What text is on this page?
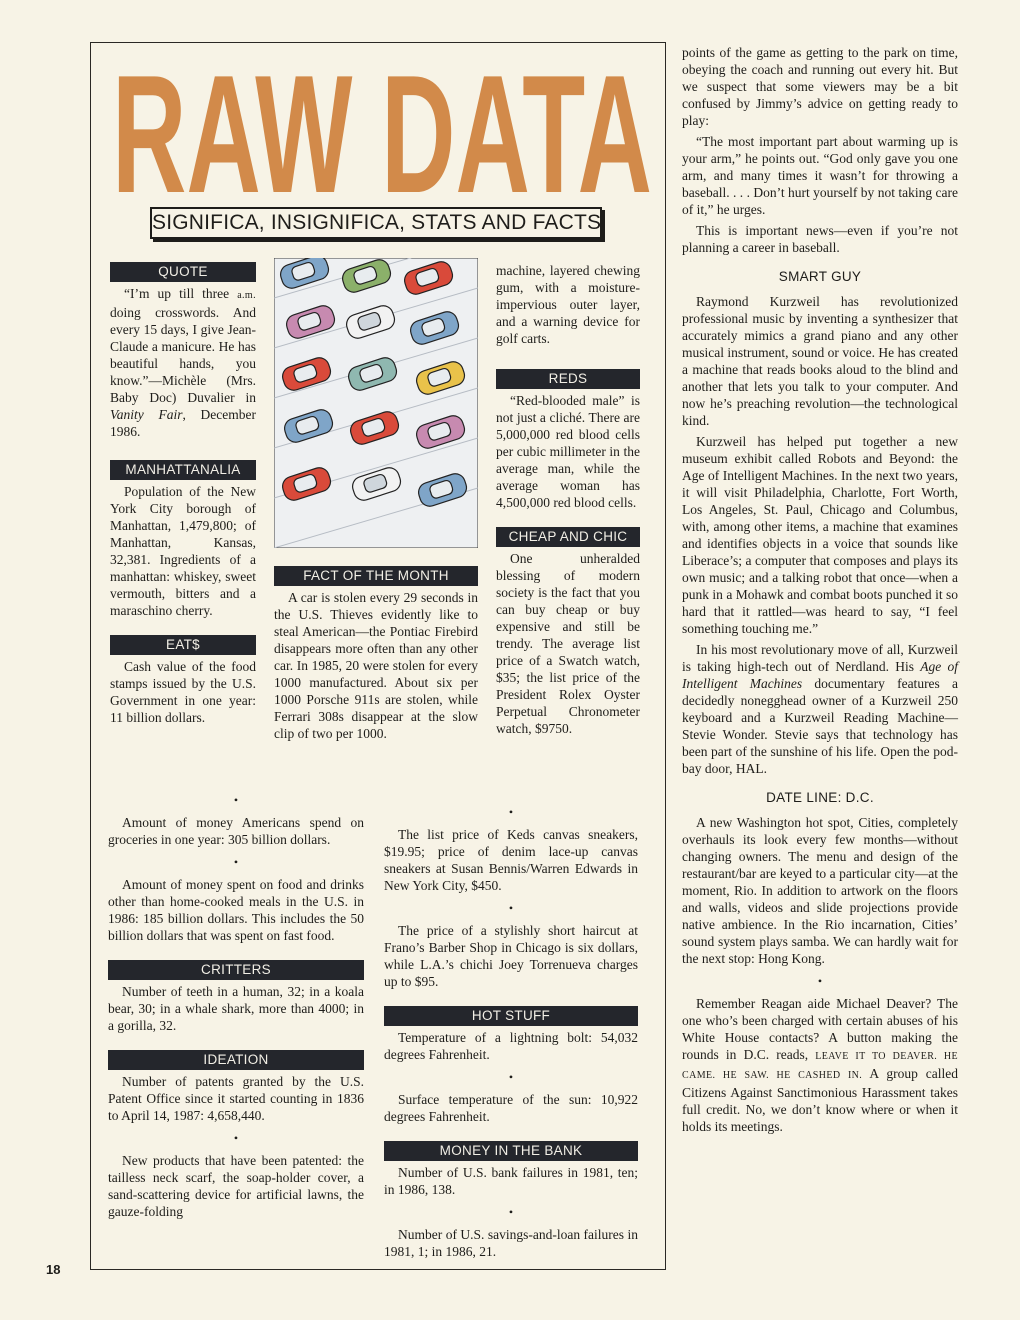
RAW DATA
SIGNIFICA, INSIGNIFICA, STATS AND FACTS
QUOTE

“I’m up till three a.m. doing crosswords. And every 15 days, I give Jean-Claude a manicure. He has beautiful hands, you know.”—Michèle (Mrs. Baby Doc) Duvalier in Vanity Fair, December 1986.

MANHATTANALIA

Population of the New York City borough of Manhattan, 1,479,800; of Manhattan, Kansas, 32,381. Ingredients of a manhattan: whiskey, sweet vermouth, bitters and a maraschino cherry.

EAT$

Cash value of the food stamps issued by the U.S. Government in one year: 11 billion dollars.

FACT OF THE MONTH

A car is stolen every 29 seconds in the U.S. Thieves evidently like to steal American—the Pontiac Firebird disappears more often than any other car. In 1985, 20 were stolen for every 1000 manufactured. About six per 1000 Porsche 911s are stolen, while Ferrari 308s disappear at the slow clip of two per 1000.

machine, layered chewing gum, with a moisture-impervious outer layer, and a warning device for golf carts.

REDS

“Red-blooded male” is not just a cliché. There are 5,000,000 red blood cells per cubic millimeter in the average man, while the average woman has 4,500,000 red blood cells.

CHEAP AND CHIC

One unheralded blessing of modern society is the fact that you can buy cheap or buy expensive and still be trendy. The average list price of a Swatch watch, $35; the list price of the President Rolex Oyster Perpetual Chronometer watch, $9750.

•

Amount of money Americans spend on groceries in one year: 305 billion dollars.

•

Amount of money spent on food and drinks other than home-cooked meals in the U.S. in 1986: 185 billion dollars. This includes the 50 billion dollars that was spent on fast food.

CRITTERS

Number of teeth in a human, 32; in a koala bear, 30; in a whale shark, more than 4000; in a gorilla, 32.

IDEATION

Number of patents granted by the U.S. Patent Office since it started counting in 1836 to April 14, 1987: 4,658,440.

•

New products that have been patented: the tailless neck scarf, the soap-holder cover, a sand-scattering device for artificial lawns, the gauze-folding

•

The list price of Keds canvas sneakers, $19.95; price of denim lace-up canvas sneakers at Susan Bennis/Warren Edwards in New York City, $450.

•

The price of a stylishly short haircut at Frano’s Barber Shop in Chicago is six dollars, while L.A.’s chichi Joey Torrenueva charges up to $95.

HOT STUFF

Temperature of a lightning bolt: 54,032 degrees Fahrenheit.

•

Surface temperature of the sun: 10,922 degrees Fahrenheit.

MONEY IN THE BANK

Number of U.S. bank failures in 1981, ten; in 1986, 138.

•

Number of U.S. savings-and-loan failures in 1981, 1; in 1986, 21.

points of the game as getting to the park on time, obeying the coach and running out every hit. But we suspect that some viewers may be a bit confused by Jimmy’s advice on getting ready to play:

“The most important part about warming up is your arm,” he points out. “God only gave you one arm, and many times it wasn’t for throwing a baseball. . . . Don’t hurt yourself by not taking care of it,” he urges.

This is important news—even if you’re not planning a career in baseball.

SMART GUY

Raymond Kurzweil has revolutionized professional music by inventing a synthesizer that accurately mimics a grand piano and any other musical instrument, sound or voice. He has created a machine that reads books aloud to the blind and another that lets you talk to your computer. And now he’s preaching revolution—the technological kind.

Kurzweil has helped put together a new museum exhibit called Robots and Beyond: the Age of Intelligent Machines. In the next two years, it will visit Philadelphia, Charlotte, Fort Worth, Los Angeles, St. Paul, Chicago and Columbus, with, among other items, a machine that examines and identifies objects in a voice that sounds like Liberace’s; a computer that composes and plays its own music; and a talking robot that once—when a punk in a Mohawk and combat boots punched it so hard that it rattled—was heard to say, “I feel something touching me.”

In his most revolutionary move of all, Kurzweil is taking high-tech out of Nerdland. His Age of Intelligent Machines documentary features a decidedly nonegghead owner of a Kurzweil 250 keyboard and a Kurzweil Reading Machine—Stevie Wonder. Stevie says that technology has been part of the sunshine of his life. Open the pod-bay door, HAL.

DATE LINE: D.C.

A new Washington hot spot, Cities, completely overhauls its look every few months—without changing owners. The menu and design of the restaurant/bar are keyed to a particular city—at the moment, Rio. In addition to artwork on the floors and walls, videos and slide projections provide native ambience. In the Rio incarnation, Cities’ sound system plays samba. We can hardly wait for the next stop: Hong Kong.

•

Remember Reagan aide Michael Deaver? The one who’s been charged with certain abuses of his White House contacts? A button making the rounds in D.C. reads, LEAVE IT TO DEAVER. HE CAME. HE SAW. HE CASHED IN. A group called Citizens Against Sanctimonious Harassment takes full credit. No, we don’t know where or when it holds its meetings.

18
